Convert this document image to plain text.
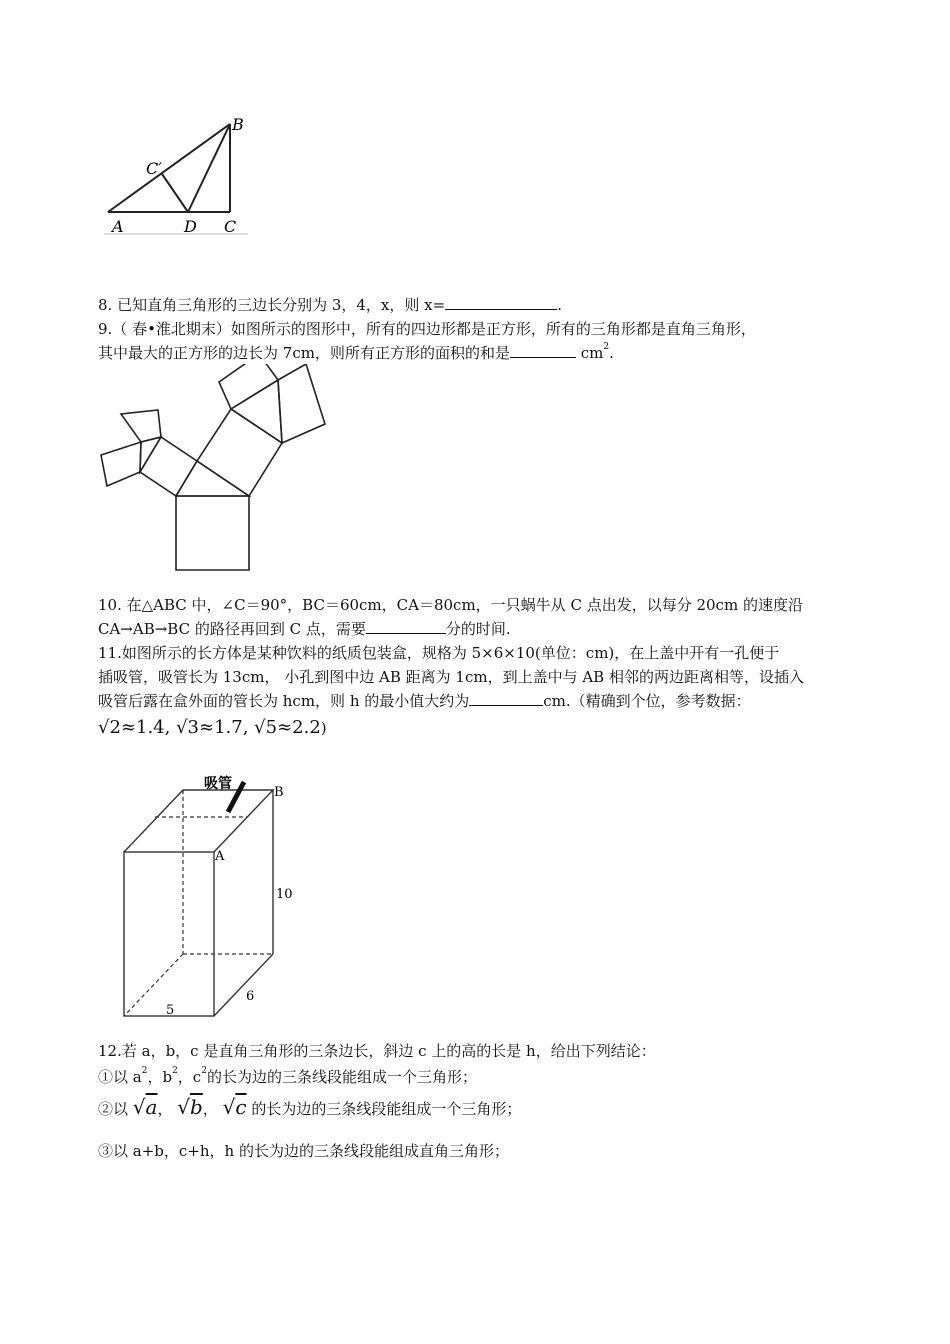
B
C′
A	D C
8. 已知直角三角形的三边长分别为 3，4，x，则 x=	.
9.（ 春•淮北期末）如图所示的图形中，所有的四边形都是正方形，所有的三角形都是直角三角形，
其中最大的正方形的边长为 7cm，则所有正方形的面积的和是	$cm^2$.
10. 在△ABC 中，∠C＝90°，BC＝60cm，CA＝80cm，一只蜗牛从 C 点出发，以每分 20cm 的速度沿
CA→AB→BC 的路径再回到 C 点，需要	分的时间.
11.如图所示的长方体是某种饮料的纸质包装盒，规格为 5×6×10(单位：cm)，在上盖中开有一孔便于
插吸管，吸管长为 13cm， 小孔到图中边 AB 距离为 1cm，到上盖中与 AB 相邻的两边距离相等，设插入
吸管后露在盒外面的管长为 hcm，则 h 的最小值大约为	cm.（精确到个位，参考数据：
√2≈1.4, √3≈1.7, √5≈2.2)
吸管
B
A
10
5
6
12.若 a，b，c 是直角三角形的三条边长，斜边 c 上的高的长是 h，给出下列结论：
①以 $a^2$，$b^2$，$c^2$的长为边的三条线段能组成一个三角形；
②以 √a， √b， √c 的长为边的三条线段能组成一个三角形；
③以 a+b，c+h，h 的长为边的三条线段能组成直角三角形；
